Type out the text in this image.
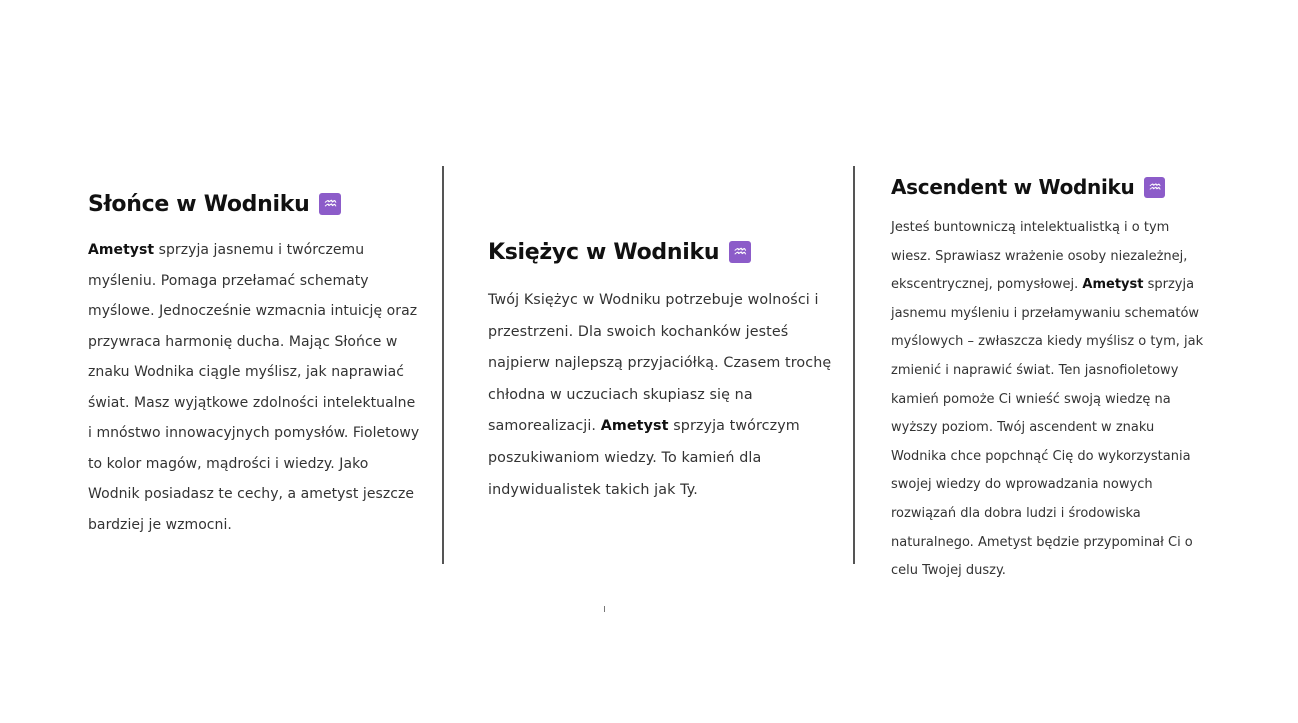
Słońce w Wodniku ♒

Ametyst sprzyja jasnemu i twórczemu myśleniu. Pomaga przełamać schematy myślowe. Jednocześnie wzmacnia intuicję oraz przywraca harmonię ducha. Mając Słońce w znaku Wodnika ciągle myślisz, jak naprawiać świat. Masz wyjątkowe zdolności intelektualne i mnóstwo innowacyjnych pomysłów. Fioletowy to kolor magów, mądrości i wiedzy. Jako Wodnik posiadasz te cechy, a ametyst jeszcze bardziej je wzmocni.

Księżyc w Wodniku ♒

Twój Księżyc w Wodniku potrzebuje wolności i przestrzeni. Dla swoich kochanków jesteś najpierw najlepszą przyjaciółką. Czasem trochę chłodna w uczuciach skupiasz się na samorealizacji. Ametyst sprzyja twórczym poszukiwaniom wiedzy. To kamień dla indywidualistek takich jak Ty.

Ascendent w Wodniku ♒

Jesteś buntowniczą intelektualistką i o tym wiesz. Sprawiasz wrażenie osoby niezależnej, ekscentrycznej, pomysłowej. Ametyst sprzyja jasnemu myśleniu i przełamywaniu schematów myślowych – zwłaszcza kiedy myślisz o tym, jak zmienić i naprawić świat. Ten jasnofioletowy kamień pomoże Ci wnieść swoją wiedzę na wyższy poziom. Twój ascendent w znaku Wodnika chce popchnąć Cię do wykorzystania swojej wiedzy do wprowadzania nowych rozwiązań dla dobra ludzi i środowiska naturalnego. Ametyst będzie przypominał Ci o celu Twojej duszy.
